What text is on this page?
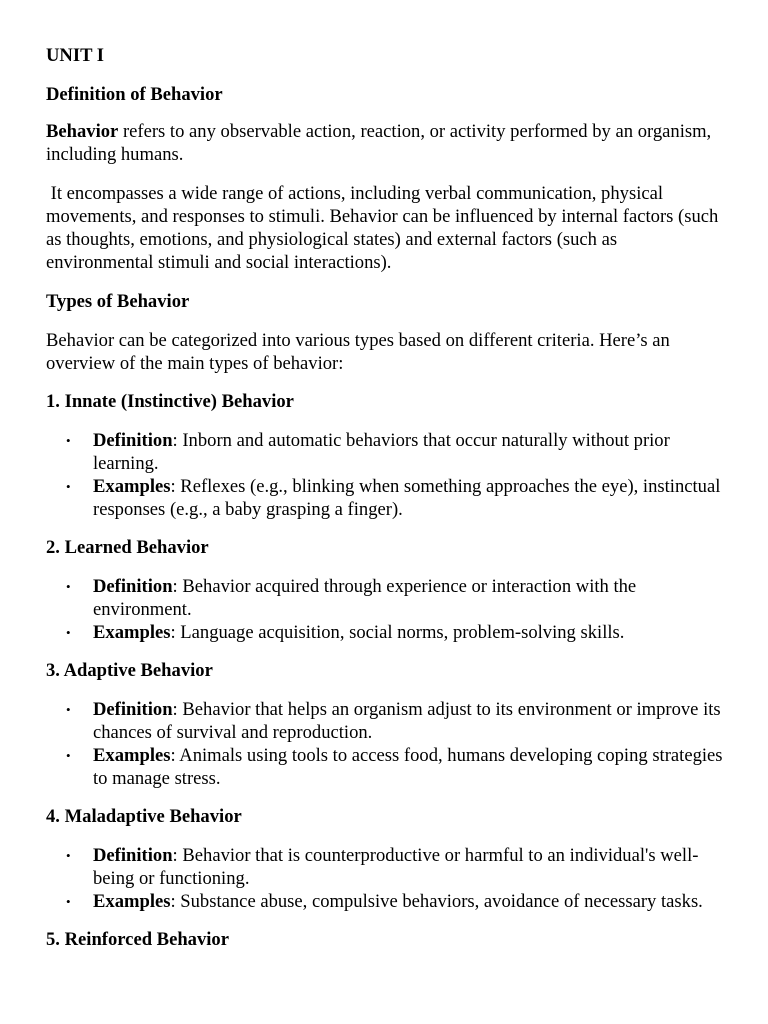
UNIT I
Definition of Behavior

Behavior refers to any observable action, reaction, or activity performed by an organism, including humans.

It encompasses a wide range of actions, including verbal communication, physical movements, and responses to stimuli. Behavior can be influenced by internal factors (such as thoughts, emotions, and physiological states) and external factors (such as environmental stimuli and social interactions).

Types of Behavior

Behavior can be categorized into various types based on different criteria. Here’s an overview of the main types of behavior:

1. Innate (Instinctive) Behavior
• Definition: Inborn and automatic behaviors that occur naturally without prior learning.
• Examples: Reflexes (e.g., blinking when something approaches the eye), instinctual responses (e.g., a baby grasping a finger).
2. Learned Behavior
• Definition: Behavior acquired through experience or interaction with the environment.
• Examples: Language acquisition, social norms, problem-solving skills.
3. Adaptive Behavior
• Definition: Behavior that helps an organism adjust to its environment or improve its chances of survival and reproduction.
• Examples: Animals using tools to access food, humans developing coping strategies to manage stress.
4. Maladaptive Behavior
• Definition: Behavior that is counterproductive or harmful to an individual's well-being or functioning.
• Examples: Substance abuse, compulsive behaviors, avoidance of necessary tasks.
5. Reinforced Behavior
